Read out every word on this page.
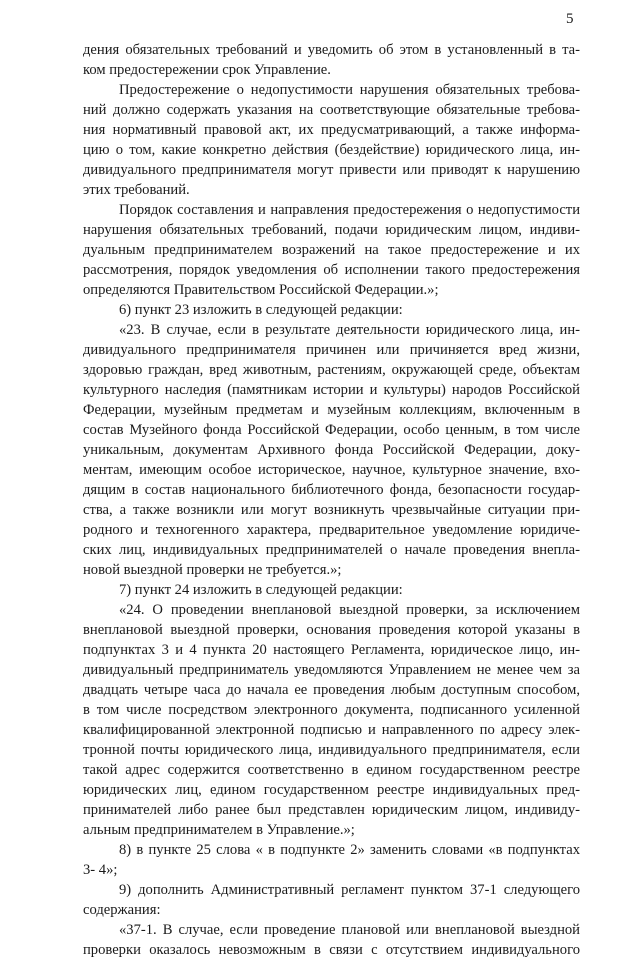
5
дения обязательных требований и уведомить об этом в установленный в та-
ком предостережении срок Управление.
Предостережение о недопустимости нарушения обязательных требова-
ний должно содержать указания на соответствующие обязательные требова-
ния нормативный правовой акт, их предусматривающий, а также информа-
цию о том, какие конкретно действия (бездействие) юридического лица, ин-
дивидуального предпринимателя могут привести или приводят к нарушению
этих требований.
Порядок составления и направления предостережения о недопустимости
нарушения обязательных требований, подачи юридическим лицом, индиви-
дуальным предпринимателем возражений на такое предостережение и их
рассмотрения, порядок уведомления об исполнении такого предостережения
определяются Правительством Российской Федерации.»;
6) пункт 23 изложить в следующей редакции:
«23. В случае, если в результате деятельности юридического лица, ин-
дивидуального предпринимателя причинен или причиняется вред жизни,
здоровью граждан, вред животным, растениям, окружающей среде, объектам
культурного наследия (памятникам истории и культуры) народов Российской
Федерации, музейным предметам и музейным коллекциям, включенным в
состав Музейного фонда Российской Федерации, особо ценным, в том числе
уникальным, документам Архивного фонда Российской Федерации, доку-
ментам, имеющим особое историческое, научное, культурное значение, вхо-
дящим в состав национального библиотечного фонда, безопасности государ-
ства, а также возникли или могут возникнуть чрезвычайные ситуации при-
родного и техногенного характера, предварительное уведомление юридиче-
ских лиц, индивидуальных предпринимателей о начале проведения внепла-
новой выездной проверки не требуется.»;
7) пункт 24 изложить в следующей редакции:
«24. О проведении внеплановой выездной проверки, за исключением
внеплановой выездной проверки, основания проведения которой указаны в
подпунктах 3 и 4 пункта 20 настоящего Регламента, юридическое лицо, ин-
дивидуальный предприниматель уведомляются Управлением не менее чем за
двадцать четыре часа до начала ее проведения любым доступным способом,
в том числе посредством электронного документа, подписанного усиленной
квалифицированной электронной подписью и направленного по адресу элек-
тронной почты юридического лица, индивидуального предпринимателя, если
такой адрес содержится соответственно в едином государственном реестре
юридических лиц, едином государственном реестре индивидуальных пред-
принимателей либо ранее был представлен юридическим лицом, индивиду-
альным предпринимателем в Управление.»;
8) в пункте 25 слова « в подпункте 2» заменить словами «в подпунктах
3- 4»;
9) дополнить Административный регламент пунктом 37-1 следующего
содержания:
«37-1. В случае, если проведение плановой или внеплановой выездной
проверки оказалось невозможным в связи с отсутствием индивидуального
